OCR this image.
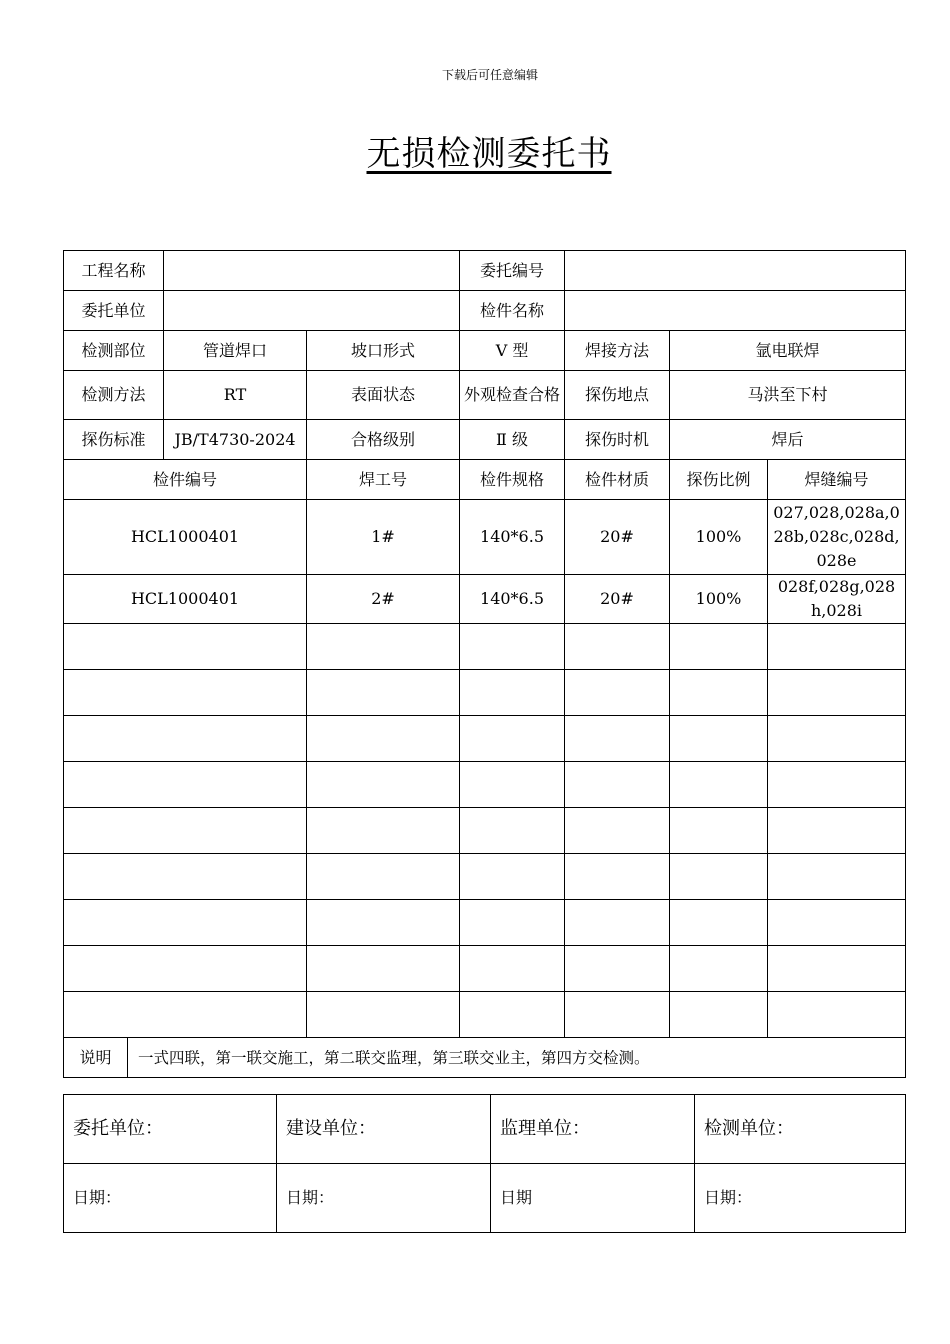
下载后可任意编辑
无损检测委托书
工程名称				委托编号			
委托单位				检件名称			
检测部位		管道焊口	坡口形式	V 型	焊接方法	氩电联焊	
检测方法		RT	表面状态	外观检查合格	探伤地点	马洪至下村	
探伤标准		JB/T4730-2024	合格级别	Ⅱ 级	探伤时机	焊后	
检件编号			焊工号	检件规格	检件材质	探伤比例	焊缝编号
HCL1000401			1#	140*6.5	20#	100%	027,028,028a,028b,028c,028d,028e
HCL1000401			2#	140*6.5	20#	100%	028f,028g,028h,028i

说明	一式四联，第一联交施工，第二联交监理，第三联交业主，第四方交检测。						
委托单位：	建设单位：	监理单位：	检测单位：
日期：	日期：	日期	日期：
